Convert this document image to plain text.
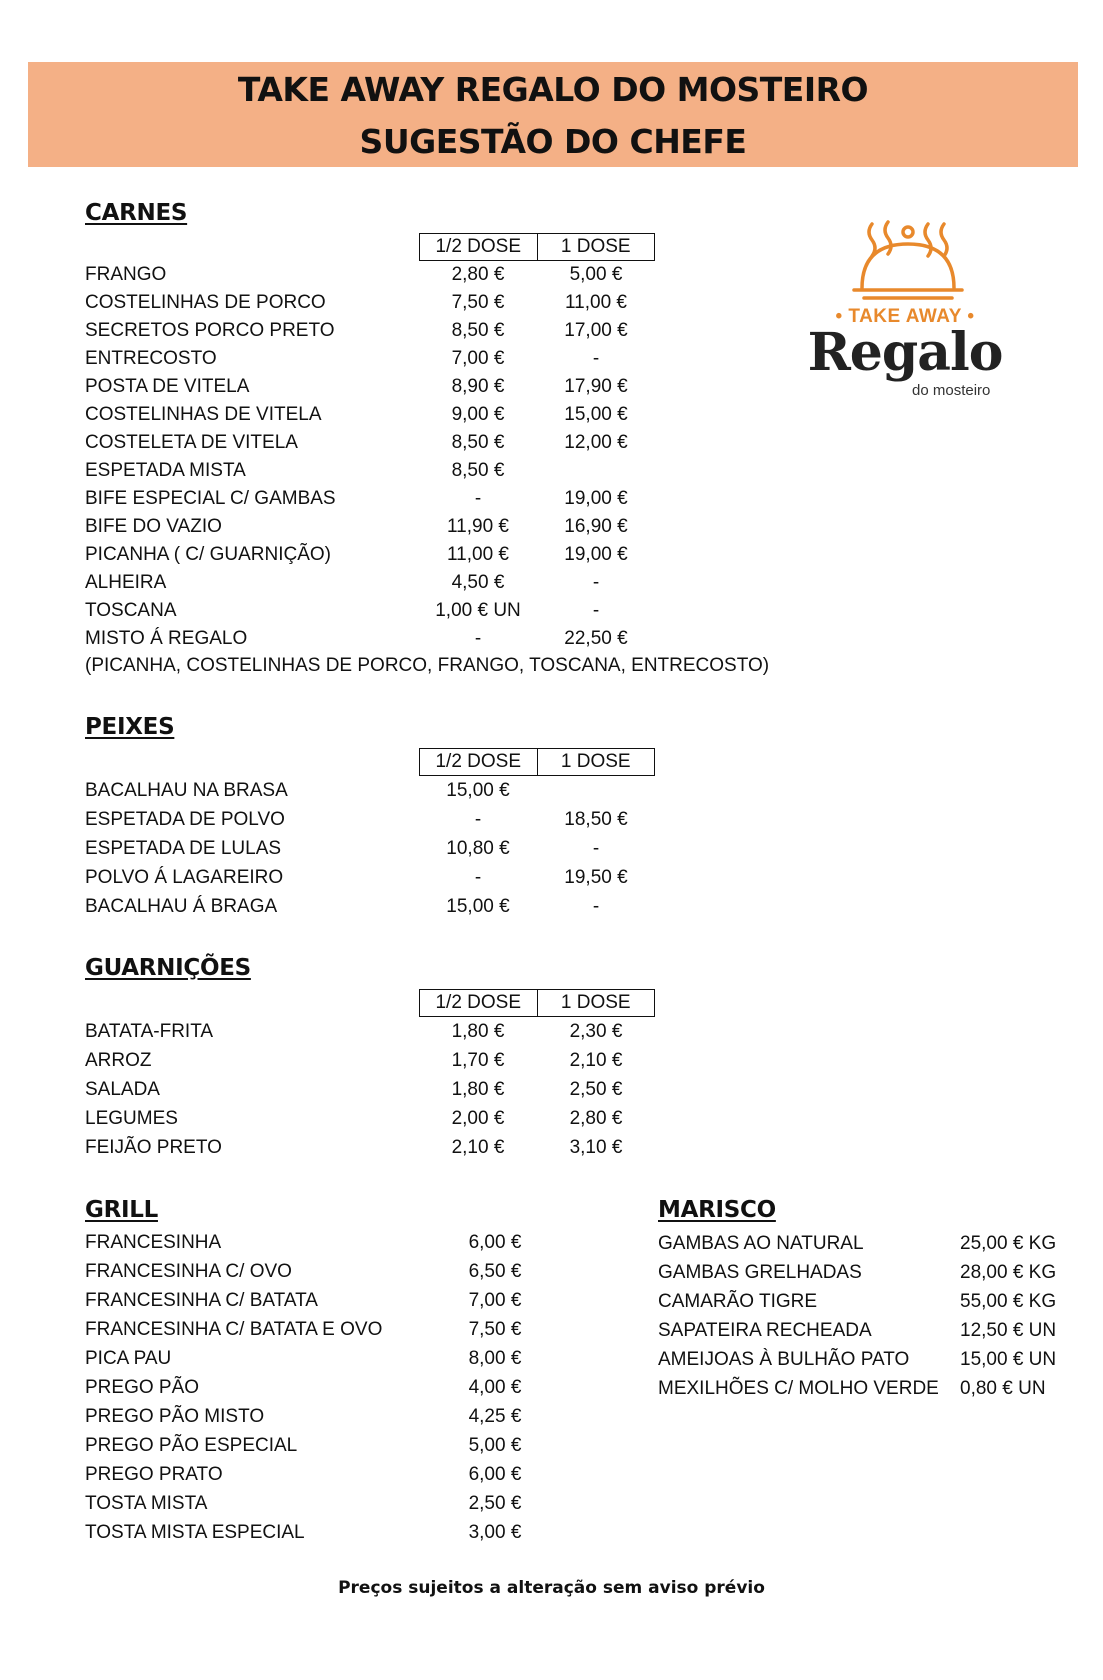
TAKE AWAY REGALO DO MOSTEIRO
SUGESTÃO DO CHEFE
• TAKE AWAY •
Regalo
do mosteiro
CARNES
1/2 DOSE	1 DOSE
FRANGO	2,80 €	5,00 €
COSTELINHAS DE PORCO	7,50 €	11,00 €
SECRETOS PORCO PRETO	8,50 €	17,00 €
ENTRECOSTO	7,00 €	-
POSTA DE VITELA	8,90 €	17,90 €
COSTELINHAS DE VITELA	9,00 €	15,00 €
COSTELETA DE VITELA	8,50 €	12,00 €
ESPETADA MISTA	8,50 €
BIFE ESPECIAL C/ GAMBAS	-	19,00 €
BIFE DO VAZIO	11,90 €	16,90 €
PICANHA ( C/ GUARNIÇÃO)	11,00 €	19,00 €
ALHEIRA	4,50 €	-
TOSCANA	1,00 € UN	-
MISTO Á REGALO	-	22,50 €
(PICANHA, COSTELINHAS DE PORCO, FRANGO, TOSCANA, ENTRECOSTO)
PEIXES
1/2 DOSE	1 DOSE
BACALHAU NA BRASA	15,00 €
ESPETADA DE POLVO	-	18,50 €
ESPETADA DE LULAS	10,80 €	-
POLVO Á LAGAREIRO	-	19,50 €
BACALHAU Á BRAGA	15,00 €	-
GUARNIÇÕES
1/2 DOSE	1 DOSE
BATATA-FRITA	1,80 €	2,30 €
ARROZ	1,70 €	2,10 €
SALADA	1,80 €	2,50 €
LEGUMES	2,00 €	2,80 €
FEIJÃO PRETO	2,10 €	3,10 €
GRILL
FRANCESINHA	6,00 €
FRANCESINHA C/ OVO	6,50 €
FRANCESINHA C/ BATATA	7,00 €
FRANCESINHA C/ BATATA E OVO	7,50 €
PICA PAU	8,00 €
PREGO PÃO	4,00 €
PREGO PÃO MISTO	4,25 €
PREGO PÃO ESPECIAL	5,00 €
PREGO PRATO	6,00 €
TOSTA MISTA	2,50 €
TOSTA MISTA ESPECIAL	3,00 €
MARISCO
GAMBAS AO NATURAL	25,00 € KG
GAMBAS GRELHADAS	28,00 € KG
CAMARÃO TIGRE	55,00 € KG
SAPATEIRA RECHEADA	12,50 € UN
AMEIJOAS À BULHÃO PATO	15,00 € UN
MEXILHÕES C/ MOLHO VERDE 0,80 € UN
Preços sujeitos a alteração sem aviso prévio
